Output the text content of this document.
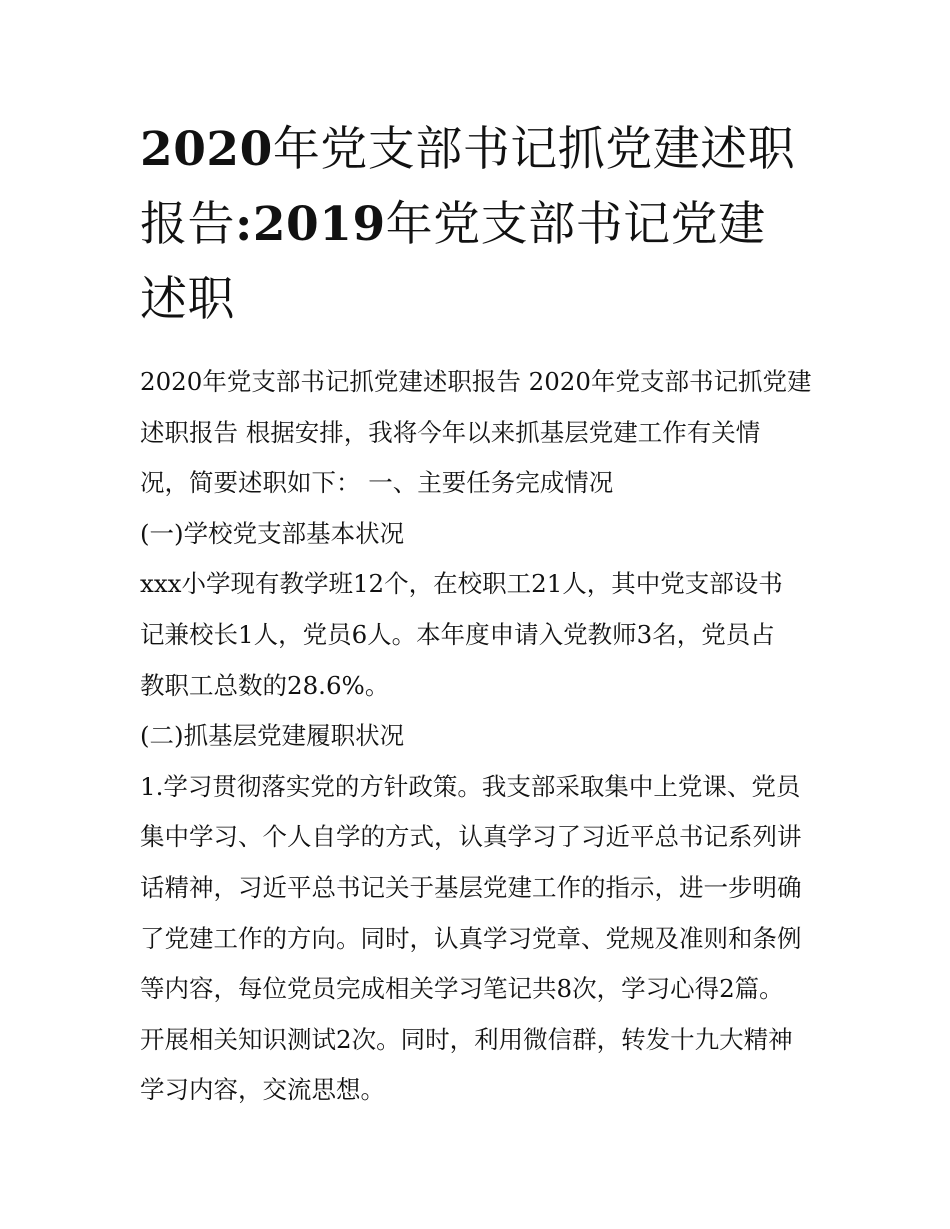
2020年党支部书记抓党建述职
报告:2019年党支部书记党建
述职
2020年党支部书记抓党建述职报告 2020年党支部书记抓党建
述职报告 根据安排，我将今年以来抓基层党建工作有关情
况，简要述职如下： 一、主要任务完成情况
(一)学校党支部基本状况
xxx小学现有教学班12个，在校职工21人，其中党支部设书
记兼校长1人，党员6人。本年度申请入党教师3名，党员占
教职工总数的28.6%。
(二)抓基层党建履职状况
1.学习贯彻落实党的方针政策。我支部采取集中上党课、党员
集中学习、个人自学的方式，认真学习了习近平总书记系列讲
话精神，习近平总书记关于基层党建工作的指示，进一步明确
了党建工作的方向。同时，认真学习党章、党规及准则和条例
等内容，每位党员完成相关学习笔记共8次，学习心得2篇。
开展相关知识测试2次。同时，利用微信群，转发十九大精神
学习内容，交流思想。
